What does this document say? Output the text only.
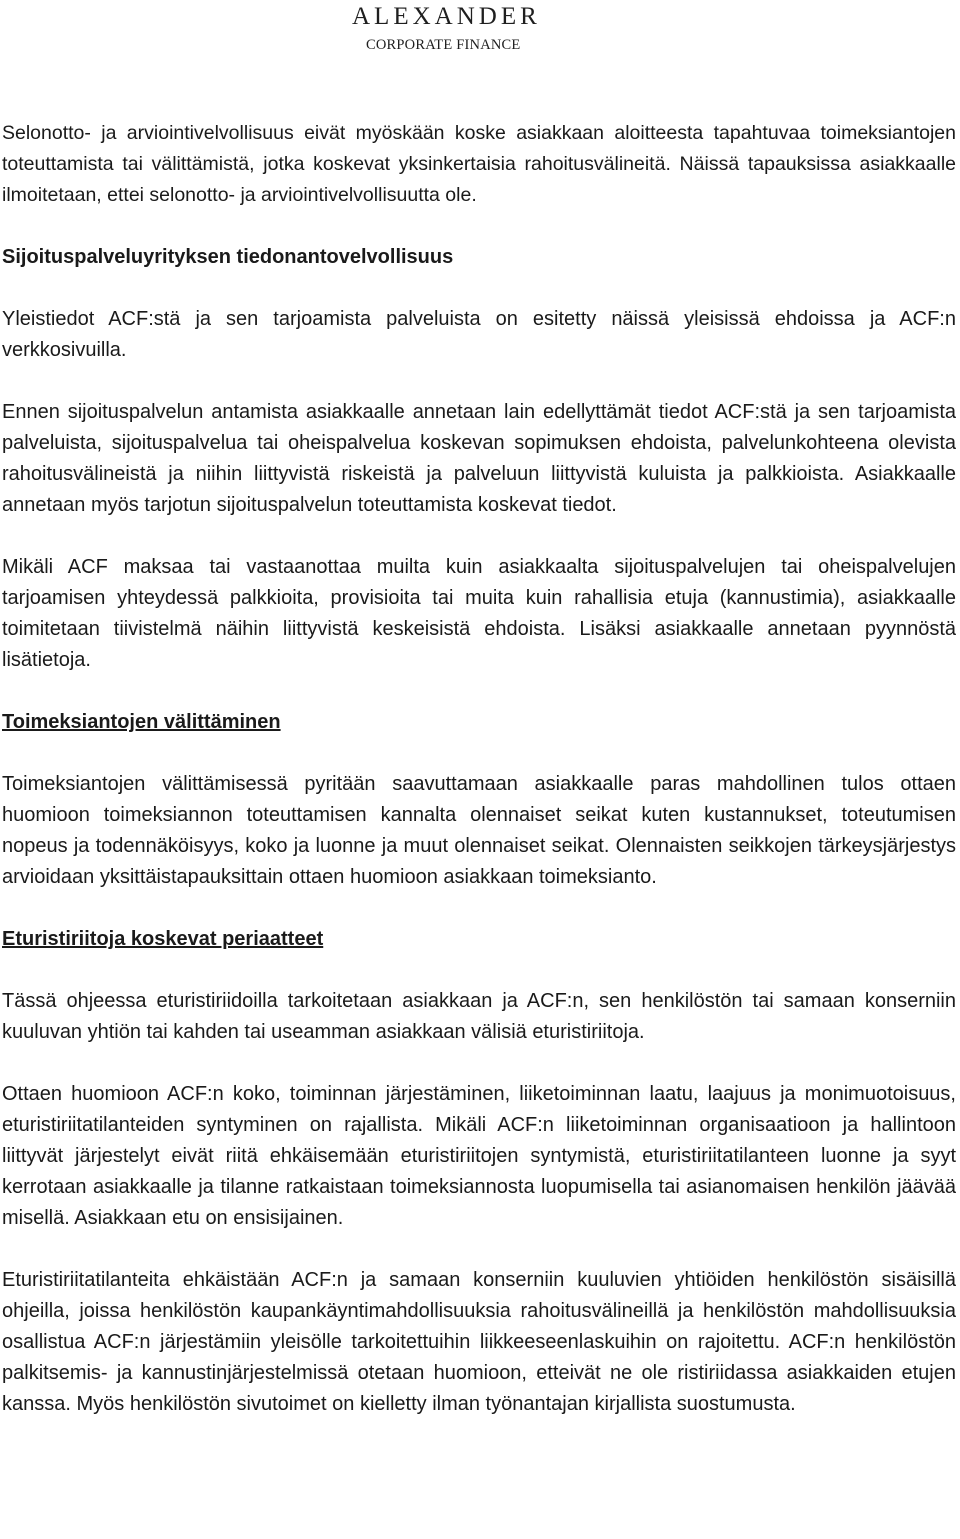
ALEXANDER
CORPORATE FINANCE

Selonotto- ja arviointivelvollisuus eivät myöskään koske asiakkaan aloitteesta tapahtuvaa toimeksiantojen toteuttamista tai välittämistä, jotka koskevat yksinkertaisia rahoitusvälineitä. Näissä tapauksissa asiakkaalle ilmoitetaan, ettei selonotto- ja arviointivelvollisuutta ole.

Sijoituspalveluyrityksen tiedonantovelvollisuus

Yleistiedot ACF:stä ja sen tarjoamista palveluista on esitetty näissä yleisissä ehdoissa ja ACF:n verkkosivuilla.

Ennen sijoituspalvelun antamista asiakkaalle annetaan lain edellyttämät tiedot ACF:stä ja sen tarjoamista palveluista, sijoituspalvelua tai oheispalvelua koskevan sopimuksen ehdoista, palvelunkohteena olevista rahoitusvälineistä ja niihin liittyvistä riskeistä ja palveluun liittyvistä kuluista ja palkkioista. Asiakkaalle annetaan myös tarjotun sijoituspalvelun toteuttamista koskevat tiedot.

Mikäli ACF maksaa tai vastaanottaa muilta kuin asiakkaalta sijoituspalvelujen tai oheispalvelujen tarjoamisen yhteydessä palkkioita, provisioita tai muita kuin rahallisia etuja (kannustimia), asiakkaalle toimitetaan tiivistelmä näihin liittyvistä keskeisistä ehdoista. Lisäksi asiakkaalle annetaan pyynnöstä lisätietoja.

Toimeksiantojen välittäminen

Toimeksiantojen välittämisessä pyritään saavuttamaan asiakkaalle paras mahdollinen tulos ottaen huomioon toimeksiannon toteuttamisen kannalta olennaiset seikat kuten kustannukset, toteutumisen nopeus ja todennäköisyys, koko ja luonne ja muut olennaiset seikat. Olennaisten seikkojen tärkeysjärjestys arvioidaan yksittäistapauksittain ottaen huomioon asiakkaan toimeksianto.

Eturistiriitoja koskevat periaatteet

Tässä ohjeessa eturistiriidoilla tarkoitetaan asiakkaan ja ACF:n, sen henkilöstön tai samaan konserniin kuuluvan yhtiön tai kahden tai useamman asiakkaan välisiä eturistiriitoja.

Ottaen huomioon ACF:n koko, toiminnan järjestäminen, liiketoiminnan laatu, laajuus ja monimuotoisuus, eturistiriitatilanteiden syntyminen on rajallista. Mikäli ACF:n liiketoiminnan organisaatioon ja hallintoon liittyvät järjestelyt eivät riitä ehkäisemään eturistiriitojen syntymistä, eturistiriitatilanteen luonne ja syyt kerrotaan asiakkaalle ja tilanne ratkaistaan toimeksiannosta luopumisella tai asianomaisen henkilön jäävää​misellä. Asiakkaan etu on ensisijainen.

Eturistiriitatilanteita ehkäistään ACF:n ja samaan konserniin kuuluvien yhtiöiden henkilöstön sisäisillä ohjeilla, joissa henkilöstön kaupankäyntimahdollisuuksia rahoitusvälineillä ja henkilöstön mahdollisuuksia osallistua ACF:n järjestämiin yleisölle tarkoitettuihin liikkeeseenlaskuihin on rajoitettu. ACF:n henkilöstön palkitsemis- ja kannustinjärjestelmissä otetaan huomioon, etteivät ne ole ristiriidassa asiakkaiden etujen kanssa. Myös henkilöstön sivutoimet on kielletty ilman työnantajan kirjallista suostumusta.
